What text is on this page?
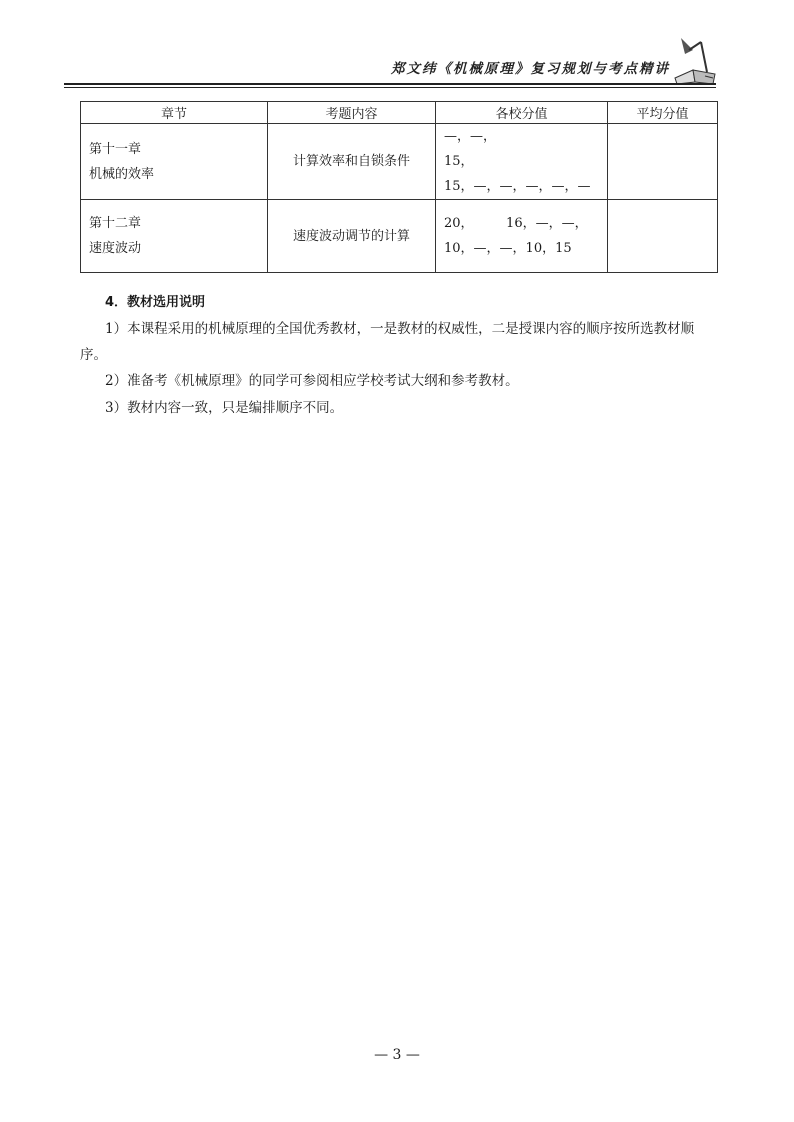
郑文纬《机械原理》复习规划与考点精讲
章节	考题内容	各校分值	平均分值

第十一章
机械的效率	计算效率和自锁条件	—，—，
15，
15，—，—，—，—，—	

第十二章
速度波动	速度波动调节的计算	20，　　　16，—，—，
10，—，—，10，15	

4．教材选用说明
1）本课程采用的机械原理的全国优秀教材，一是教材的权威性，二是授课内容的顺序按所选教材顺序。
2）准备考《机械原理》的同学可参阅相应学校考试大纲和参考教材。
3）教材内容一致，只是编排顺序不同。
— 3 —
